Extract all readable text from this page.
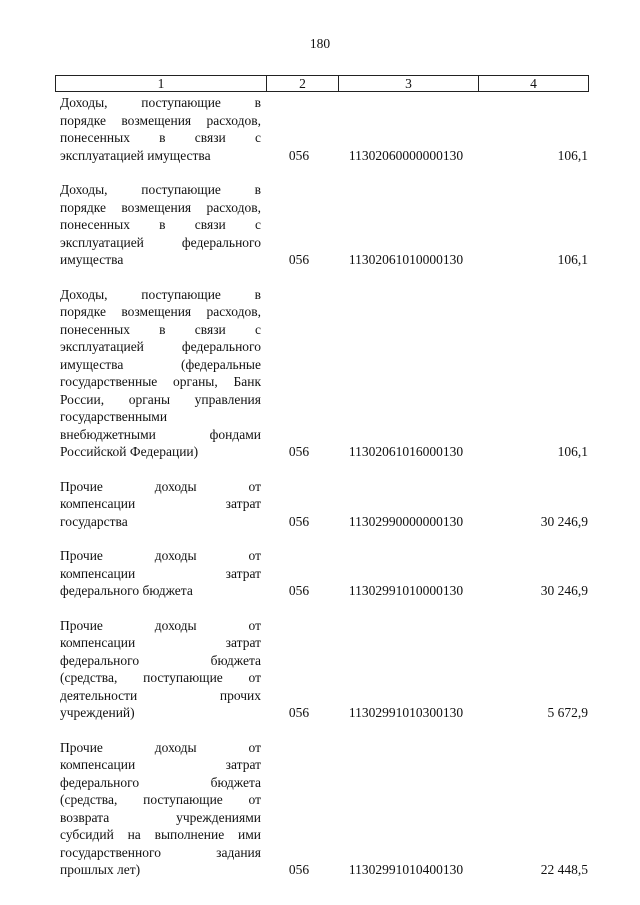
180
1	2	3	4
Доходы, поступающие в
порядке возмещения расходов,
понесенных в связи с
эксплуатацией имущества	056	11302060000000130	106,1
Доходы, поступающие в
порядке возмещения расходов,
понесенных в связи с
эксплуатацией федерального
имущества	056	11302061010000130	106,1
Доходы, поступающие в
порядке возмещения расходов,
понесенных в связи с
эксплуатацией федерального
имущества (федеральные
государственные органы, Банк
России, органы управления
государственными
внебюджетными фондами
Российской Федерации)	056	11302061016000130	106,1
Прочие доходы от
компенсации затрат
государства	056	11302990000000130	30 246,9
Прочие доходы от
компенсации затрат
федерального бюджета	056	11302991010000130	30 246,9
Прочие доходы от
компенсации затрат
федерального бюджета
(средства, поступающие от
деятельности прочих
учреждений)	056	11302991010300130	5 672,9
Прочие доходы от
компенсации затрат
федерального бюджета
(средства, поступающие от
возврата учреждениями
субсидий на выполнение ими
государственного задания
прошлых лет)	056	11302991010400130	22 448,5
